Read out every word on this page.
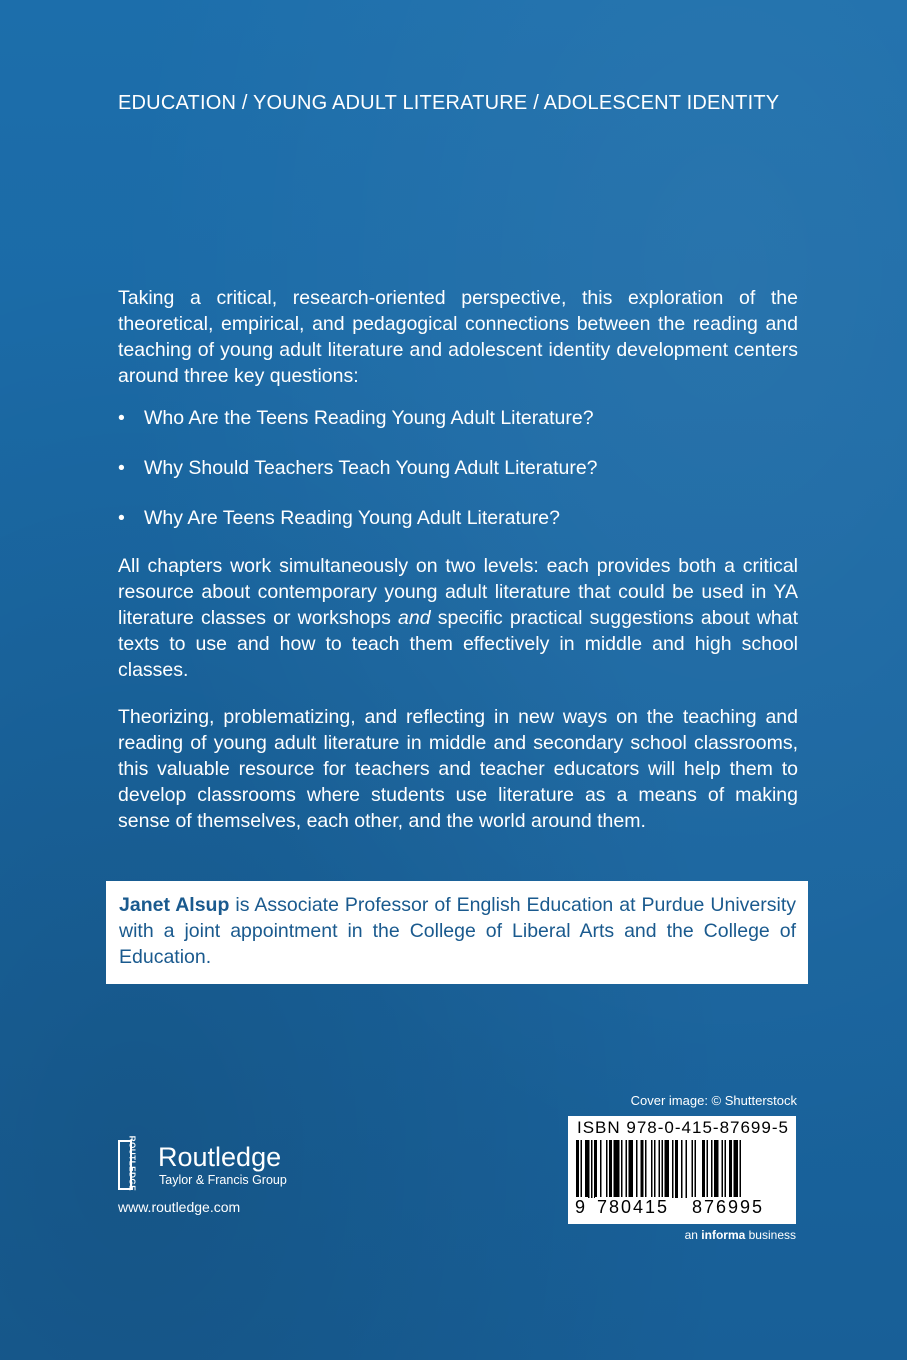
EDUCATION / YOUNG ADULT LITERATURE / ADOLESCENT IDENTITY

Taking a critical, research-oriented perspective, this exploration of the theoretical, empirical, and pedagogical connections between the reading and teaching of young adult literature and adolescent identity development centers around three key questions:

• Who Are the Teens Reading Young Adult Literature?
• Why Should Teachers Teach Young Adult Literature?
• Why Are Teens Reading Young Adult Literature?

All chapters work simultaneously on two levels: each provides both a critical resource about contemporary young adult literature that could be used in YA literature classes or workshops and specific practical suggestions about what texts to use and how to teach them effectively in middle and high school classes.

Theorizing, problematizing, and reflecting in new ways on the teaching and reading of young adult literature in middle and secondary school classrooms, this valuable resource for teachers and teacher educators will help them to develop classrooms where students use literature as a means of making sense of themselves, each other, and the world around them.

Janet Alsup is Associate Professor of English Education at Purdue University with a joint appointment in the College of Liberal Arts and the College of Education.
ROUTLEDGE Routledge
Taylor & Francis Group
www.routledge.com
Cover image: © Shutterstock
ISBN 978-0-415-87699-5
9 780415 876995
an informa business
